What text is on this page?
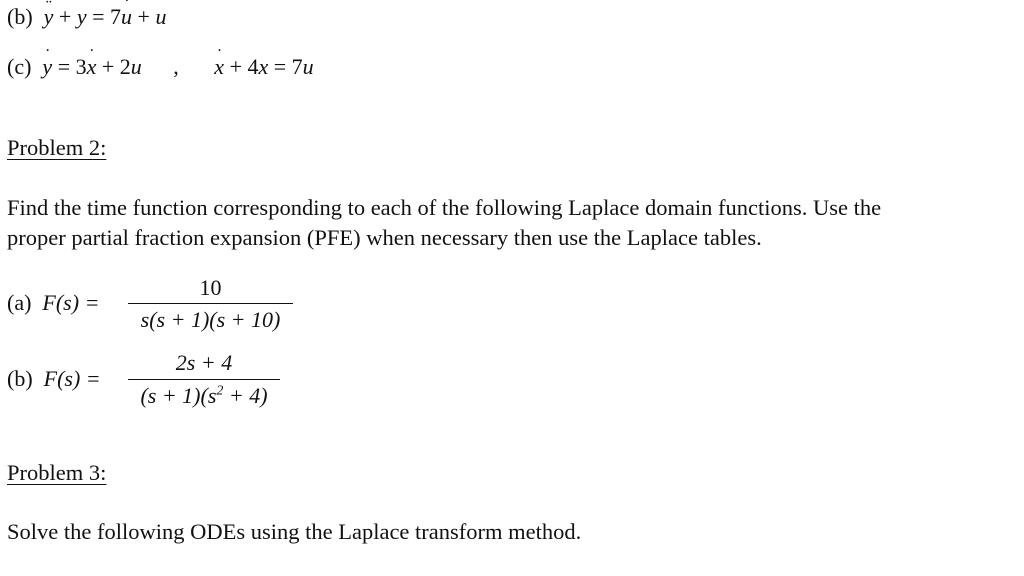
(b) y ¨ + y = 7u ˙ + u
(c) y ˙ = 3x ˙ + 2u , x ˙ + 4x = 7u
Problem 2:
Find the time function corresponding to each of the following Laplace domain functions. Use the
proper partial fraction expansion (PFE) when necessary then use the Laplace tables.
(a) F(s) =
10
s(s + 1)(s + 10)
(b) F(s) =
2s + 4
$(s + 1)(s^2 + 4)$
Problem 3:
Solve the following ODEs using the Laplace transform method.
